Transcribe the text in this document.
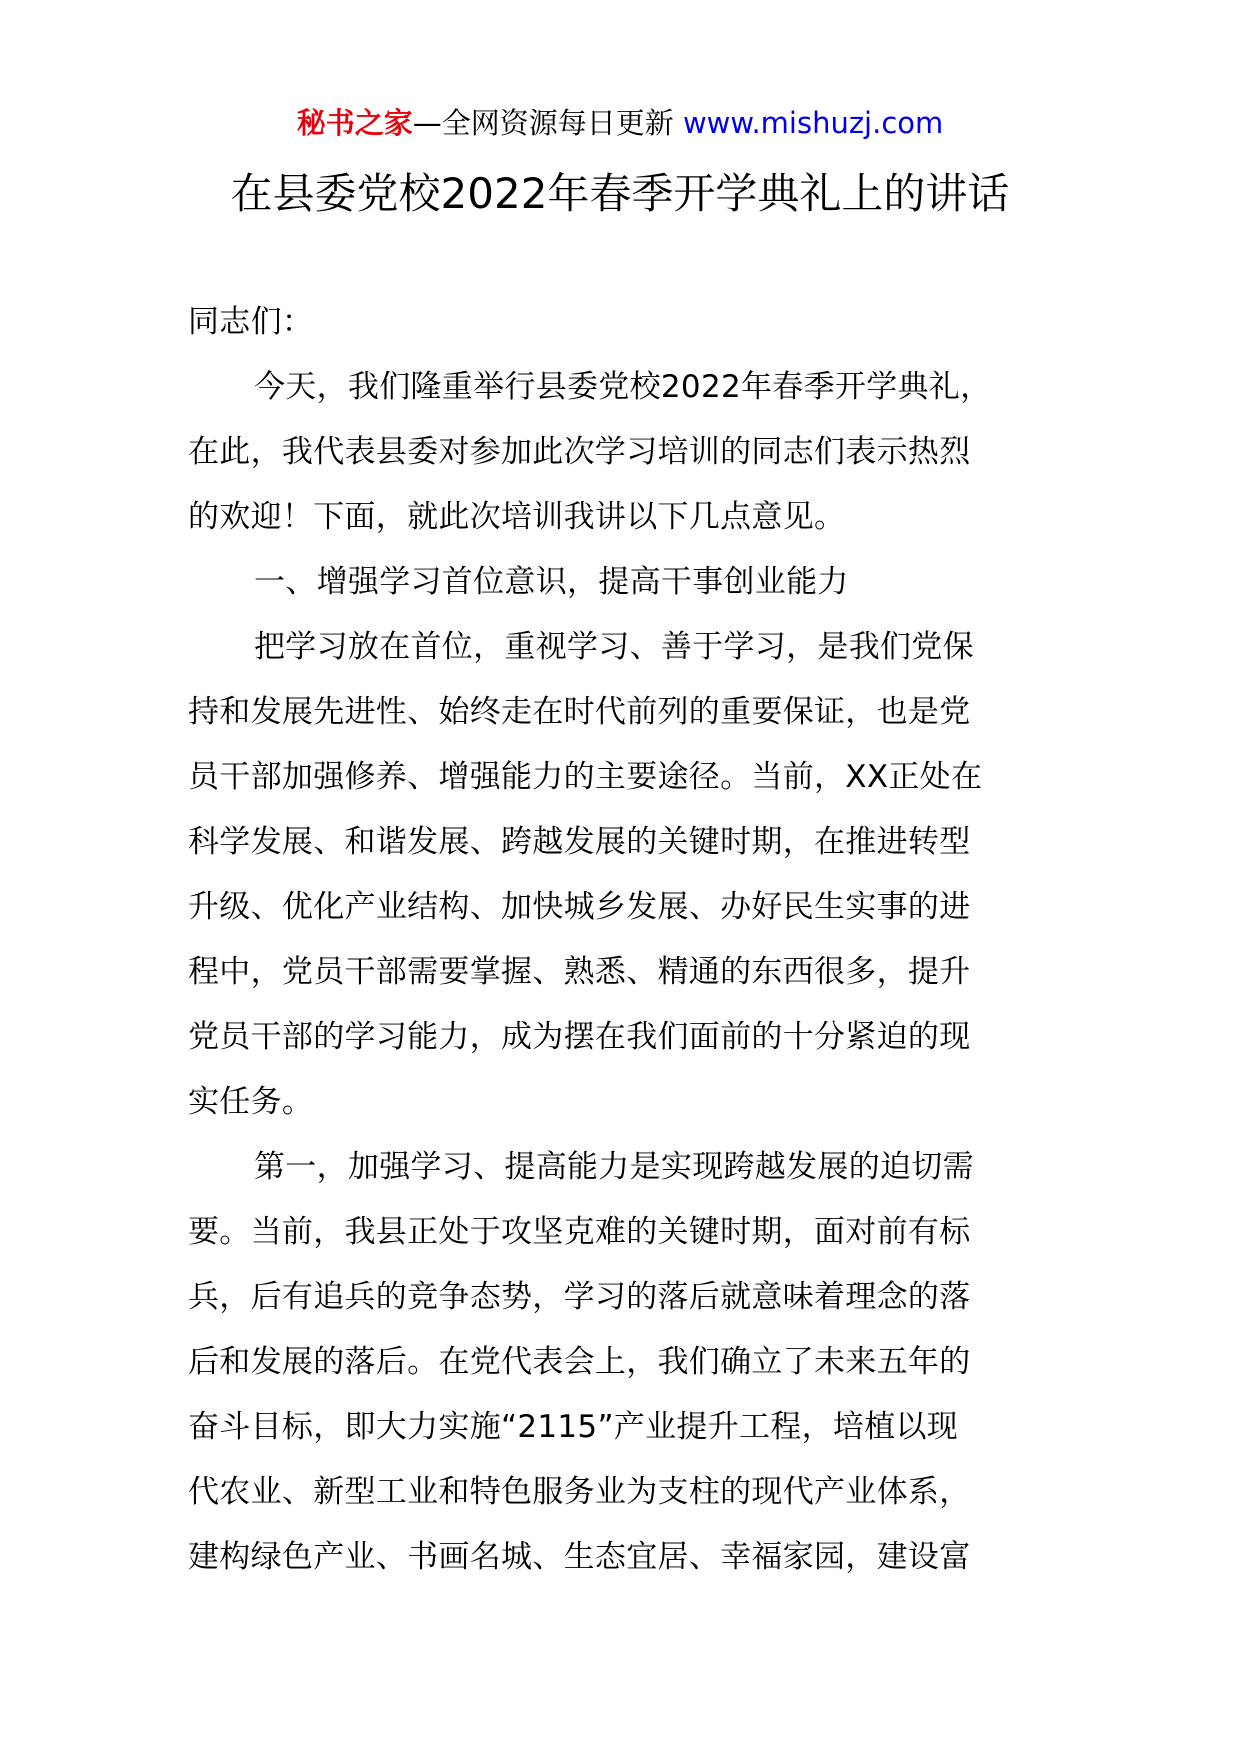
秘书之家—全网资源每日更新 www.mishuzj.com
在县委党校2022年春季开学典礼上的讲话
同志们：
今天，我们隆重举行县委党校2022年春季开学典礼，
在此，我代表县委对参加此次学习培训的同志们表示热烈
的欢迎！下面，就此次培训我讲以下几点意见。
一、增强学习首位意识，提高干事创业能力
把学习放在首位，重视学习、善于学习，是我们党保
持和发展先进性、始终走在时代前列的重要保证，也是党
员干部加强修养、增强能力的主要途径。当前，XX正处在
科学发展、和谐发展、跨越发展的关键时期，在推进转型
升级、优化产业结构、加快城乡发展、办好民生实事的进
程中，党员干部需要掌握、熟悉、精通的东西很多，提升
党员干部的学习能力，成为摆在我们面前的十分紧迫的现
实任务。
第一，加强学习、提高能力是实现跨越发展的迫切需
要。当前，我县正处于攻坚克难的关键时期，面对前有标
兵，后有追兵的竞争态势，学习的落后就意味着理念的落
后和发展的落后。在党代表会上，我们确立了未来五年的
奋斗目标，即大力实施“2115”产业提升工程，培植以现
代农业、新型工业和特色服务业为支柱的现代产业体系，
建构绿色产业、书画名城、生态宜居、幸福家园，建设富
